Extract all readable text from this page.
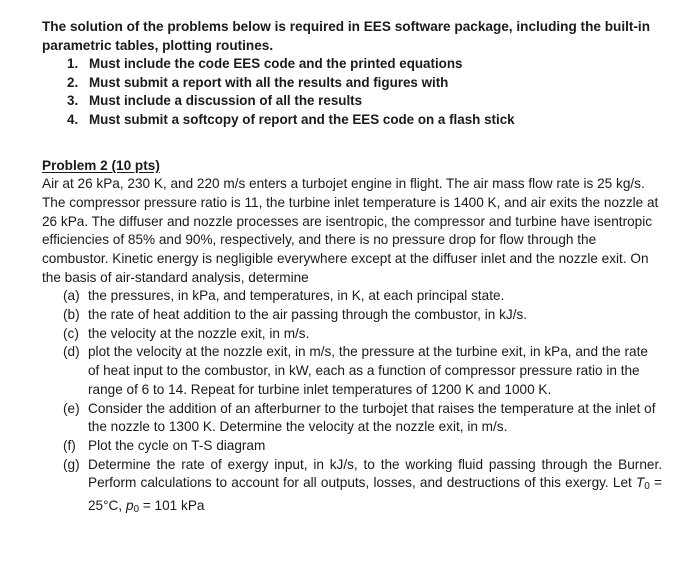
The solution of the problems below is required in EES software package, including the built-in parametric tables, plotting routines.

1. Must include the code EES code and the printed equations
2. Must submit a report with all the results and figures with
3. Must include a discussion of all the results
4. Must submit a softcopy of report and the EES code on a flash stick
Problem 2 (10 pts)

Air at 26 kPa, 230 K, and 220 m/s enters a turbojet engine in flight. The air mass flow rate is 25 kg/s. The compressor pressure ratio is 11, the turbine inlet temperature is 1400 K, and air exits the nozzle at 26 kPa. The diffuser and nozzle processes are isentropic, the compressor and turbine have isentropic efficiencies of 85% and 90%, respectively, and there is no pressure drop for flow through the combustor. Kinetic energy is negligible everywhere except at the diffuser inlet and the nozzle exit. On the basis of air-standard analysis, determine

(a) the pressures, in kPa, and temperatures, in K, at each principal state.
(b) the rate of heat addition to the air passing through the combustor, in kJ/s.
(c) the velocity at the nozzle exit, in m/s.
(d) plot the velocity at the nozzle exit, in m/s, the pressure at the turbine exit, in kPa, and the rate of heat input to the combustor, in kW, each as a function of compressor pressure ratio in the range of 6 to 14. Repeat for turbine inlet temperatures of 1200 K and 1000 K.
(e) Consider the addition of an afterburner to the turbojet that raises the temperature at the inlet of the nozzle to 1300 K. Determine the velocity at the nozzle exit, in m/s.
(f) Plot the cycle on T-S diagram
(g) Determine the rate of exergy input, in kJ/s, to the working fluid passing through the Burner. Perform calculations to account for all outputs, losses, and destructions of this exergy. Let $T_0 = 25^\circ C$, $p_0 = 101$ kPa
